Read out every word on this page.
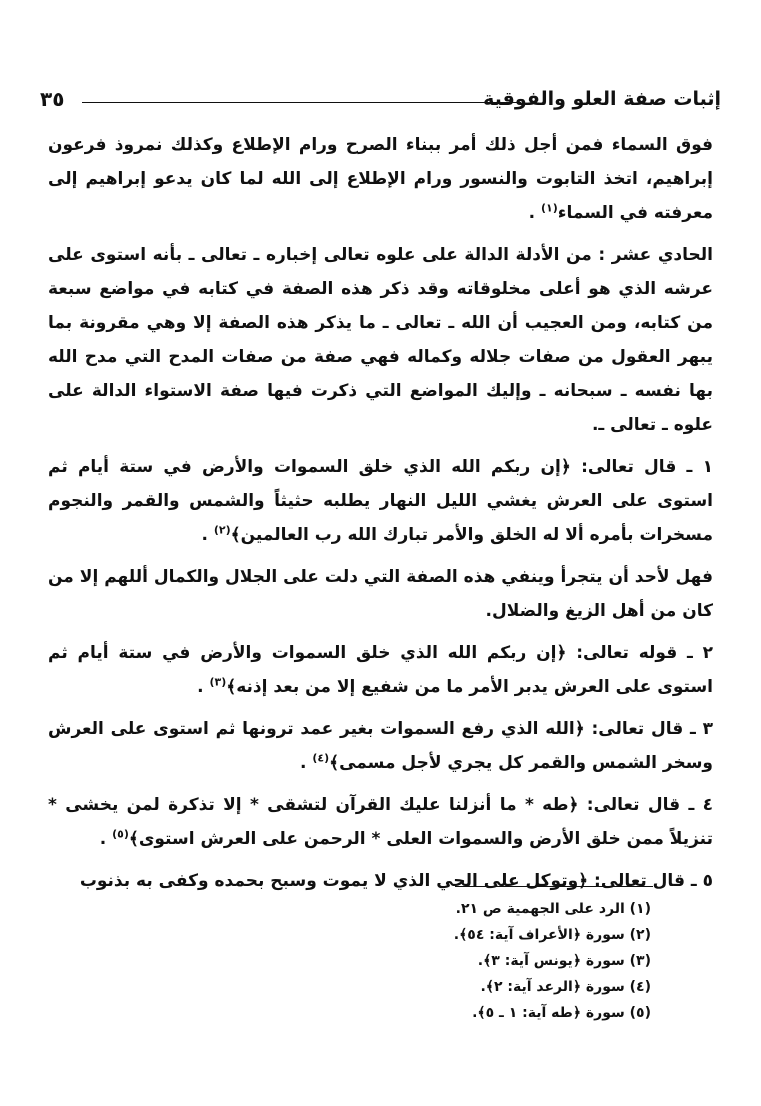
إثبات صفة العلو والفوقية
٣٥

فوق السماء فمن أجل ذلك أمر ببناء الصرح ورام الإطلاع وكذلك نمروذ فرعون إبراهيم، اتخذ التابوت والنسور ورام الإطلاع إلى الله لما كان يدعو إبراهيم إلى معرفته في السماء$^{(١)}$ .

الحادي عشر : من الأدلة الدالة على علوه تعالى إخباره ـ تعالى ـ بأنه استوى على عرشه الذي هو أعلى مخلوقاته وقد ذكر هذه الصفة في كتابه في مواضع سبعة من كتابه، ومن العجيب أن الله ـ تعالى ـ ما يذكر هذه الصفة إلا وهي مقرونة بما يبهر العقول من صفات جلاله وكماله فهي صفة من صفات المدح التي مدح الله بها نفسه ـ سبحانه ـ وإليك المواضع التي ذكرت فيها صفة الاستواء الدالة على علوه ـ تعالى ـ.

١ ـ قال تعالى: ﴿إن ربكم الله الذي خلق السموات والأرض في ستة أيام ثم استوى على العرش يغشي الليل النهار يطلبه حثيثاً والشمس والقمر والنجوم مسخرات بأمره ألا له الخلق والأمر تبارك الله رب العالمين﴾$^{(٢)}$ .

فهل لأحد أن يتجرأ وينفي هذه الصفة التي دلت على الجلال والكمال أللهم إلا من كان من أهل الزيغ والضلال.

٢ ـ قوله تعالى: ﴿إن ربكم الله الذي خلق السموات والأرض في ستة أيام ثم استوى على العرش يدبر الأمر ما من شفيع إلا من بعد إذنه﴾$^{(٣)}$ .

٣ ـ قال تعالى: ﴿الله الذي رفع السموات بغير عمد ترونها ثم استوى على العرش وسخر الشمس والقمر كل يجري لأجل مسمى﴾$^{(٤)}$ .

٤ ـ قال تعالى: ﴿طه * ما أنزلنا عليك القرآن لتشقى * إلا تذكرة لمن يخشى * تنزيلاً ممن خلق الأرض والسموات العلى * الرحمن على العرش استوى﴾$^{(٥)}$ .

٥ ـ قال تعالى: ﴿وتوكل على الحي الذي لا يموت وسبح بحمده وكفى به بذنوب

(١) الرد على الجهمية ص ٢١.
(٢) سورة ﴿الأعراف آية: ٥٤﴾.
(٣) سورة ﴿يونس آية: ٣﴾.
(٤) سورة ﴿الرعد آية: ٢﴾.
(٥) سورة ﴿طه آية: ١ ـ ٥﴾.
